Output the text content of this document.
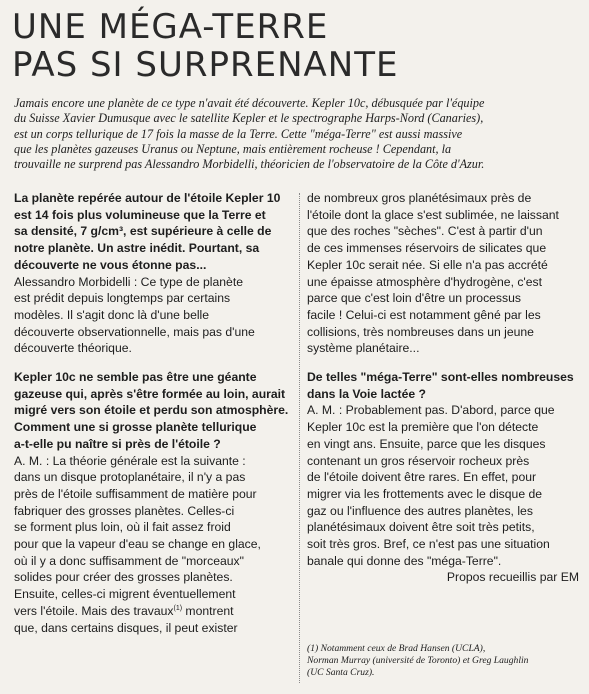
UNE MÉGA-TERRE
PAS SI SURPRENANTE

Jamais encore une planète de ce type n'avait été découverte. Kepler 10c, débusquée par l'équipe
du Suisse Xavier Dumusque avec le satellite Kepler et le spectrographe Harps-Nord (Canaries),
est un corps tellurique de 17 fois la masse de la Terre. Cette "méga-Terre" est aussi massive
que les planètes gazeuses Uranus ou Neptune, mais entièrement rocheuse ! Cependant, la
trouvaille ne surprend pas Alessandro Morbidelli, théoricien de l'observatoire de la Côte d'Azur.

La planète repérée autour de l'étoile Kepler 10
est 14 fois plus volumineuse que la Terre et
sa densité, 7 g/cm³, est supérieure à celle de
notre planète. Un astre inédit. Pourtant, sa
découverte ne vous étonne pas...

Alessandro Morbidelli : Ce type de planète
est prédit depuis longtemps par certains
modèles. Il s'agit donc là d'une belle
découverte observationnelle, mais pas d'une
découverte théorique.

Kepler 10c ne semble pas être une géante
gazeuse qui, après s'être formée au loin, aurait
migré vers son étoile et perdu son atmosphère.
Comment une si grosse planète tellurique
a-t-elle pu naître si près de l'étoile ?

A. M. : La théorie générale est la suivante :
dans un disque protoplanétaire, il n'y a pas
près de l'étoile suffisamment de matière pour
fabriquer des grosses planètes. Celles-ci
se forment plus loin, où il fait assez froid
pour que la vapeur d'eau se change en glace,
où il y a donc suffisamment de "morceaux"
solides pour créer des grosses planètes.
Ensuite, celles-ci migrent éventuellement
vers l'étoile. Mais des travaux$^{(1)}$ montrent
que, dans certains disques, il peut exister

de nombreux gros planétésimaux près de
l'étoile dont la glace s'est sublimée, ne laissant
que des roches "sèches". C'est à partir d'un
de ces immenses réservoirs de silicates que
Kepler 10c serait née. Si elle n'a pas accrété
une épaisse atmosphère d'hydrogène, c'est
parce que c'est loin d'être un processus
facile ! Celui-ci est notamment gêné par les
collisions, très nombreuses dans un jeune
système planétaire...

De telles "méga-Terre" sont-elles nombreuses
dans la Voie lactée ?

A. M. : Probablement pas. D'abord, parce que
Kepler 10c est la première que l'on détecte
en vingt ans. Ensuite, parce que les disques
contenant un gros réservoir rocheux près
de l'étoile doivent être rares. En effet, pour
migrer via les frottements avec le disque de
gaz ou l'influence des autres planètes, les
planétésimaux doivent être soit très petits,
soit très gros. Bref, ce n'est pas une situation
banale qui donne des "méga-Terre".

Propos recueillis par EM

(1) Notamment ceux de Brad Hansen (UCLA),
Norman Murray (université de Toronto) et Greg Laughlin
(UC Santa Cruz).
